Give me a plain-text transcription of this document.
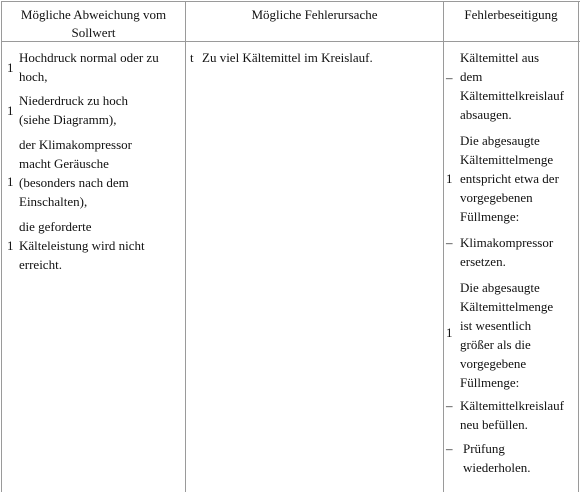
Mögliche Abweichung vom
Sollwert
Mögliche Fehlerursache	Fehlerbeseitigung
1
Hochdruck normal oder zu
hoch,
1
Niederdruck zu hoch
(siehe Diagramm),
1
der Klimakompressor
macht Geräusche
(besonders nach dem
Einschalten),
1
die geforderte
Kälteleistung wird nicht
erreicht.
t Zu viel Kältemittel im Kreislauf.
–
Kältemittel aus
dem
Kältemittelkreislauf
absaugen.
1
Die abgesaugte
Kältemittelmenge
entspricht etwa der
vorgegebenen
Füllmenge:
– Klimakompressor
ersetzen.
1
Die abgesaugte
Kältemittelmenge
ist wesentlich
größer als die
vorgegebene
Füllmenge:
– Kältemittelkreislauf
neu befüllen.
– Prüfung
wiederholen.
